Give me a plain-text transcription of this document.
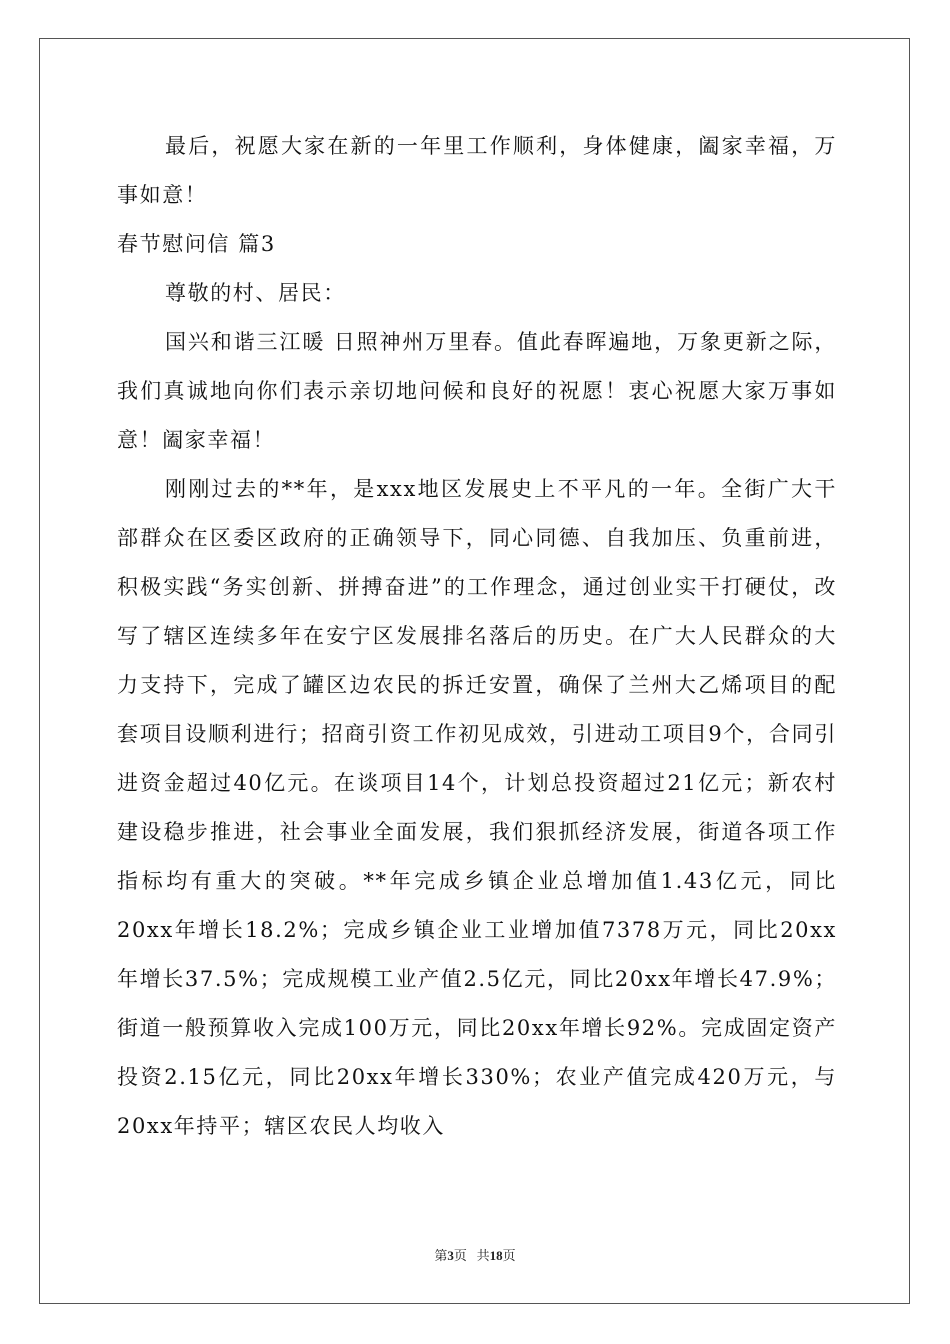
最后，祝愿大家在新的一年里工作顺利，身体健康，阖家幸福，万事如意！

春节慰问信 篇3

尊敬的村、居民：

国兴和谐三江暖 日照神州万里春。值此春晖遍地，万象更新之际，我们真诚地向你们表示亲切地问候和良好的祝愿！衷心祝愿大家万事如意！阖家幸福！

刚刚过去的**年，是xxx地区发展史上不平凡的一年。全街广大干部群众在区委区政府的正确领导下，同心同德、自我加压、负重前进，积极实践“务实创新、拼搏奋进”的工作理念，通过创业实干打硬仗，改写了辖区连续多年在安宁区发展排名落后的历史。在广大人民群众的大力支持下，完成了罐区边农民的拆迁安置，确保了兰州大乙烯项目的配套项目设顺利进行；招商引资工作初见成效，引进动工项目9个，合同引进资金超过40亿元。在谈项目14个，计划总投资超过21亿元；新农村建设稳步推进，社会事业全面发展，我们狠抓经济发展，街道各项工作指标均有重大的突破。**年完成乡镇企业总增加值1.43亿元，同比20xx年增长18.2%；完成乡镇企业工业增加值7378万元，同比20xx年增长37.5%；完成规模工业产值2.5亿元，同比20xx年增长47.9%；街道一般预算收入完成100万元，同比20xx年增长92%。完成固定资产投资2.15亿元，同比20xx年增长330%；农业产值完成420万元，与20xx年持平；辖区农民人均收入

第3页 共18页
